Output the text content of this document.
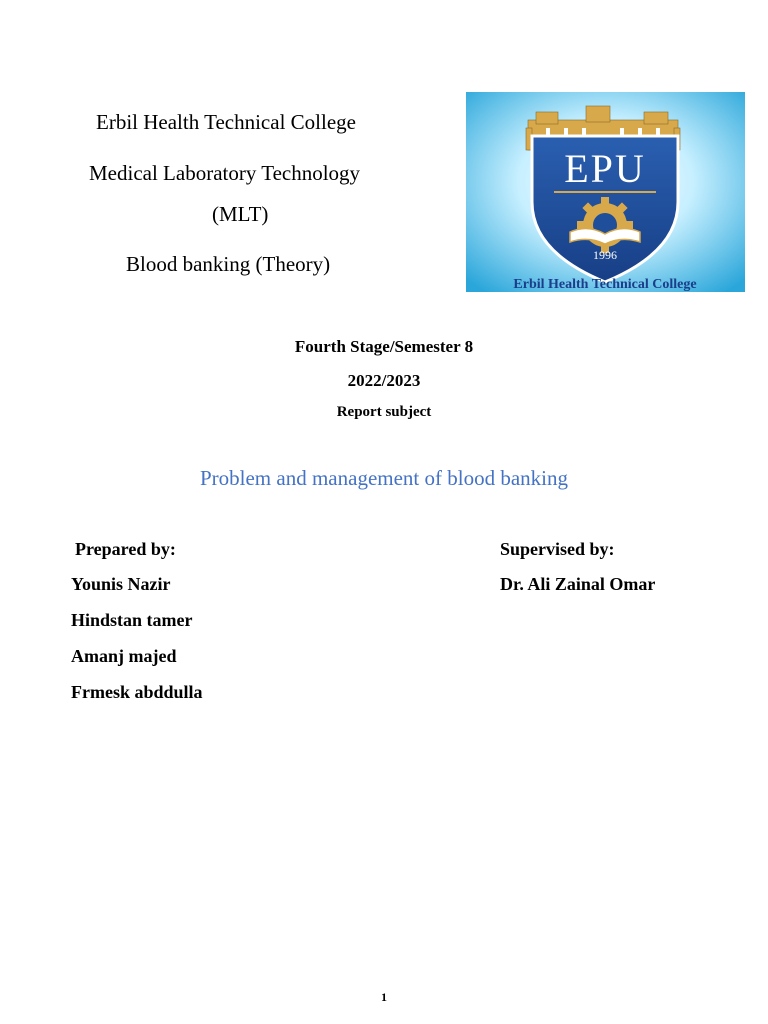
Erbil Health Technical College
Medical Laboratory Technology
(MLT)
Blood banking (Theory)
EPU
1996
Erbil Health Technical College
Fourth Stage/Semester 8
2022/2023
Report subject
Problem and management of blood banking
Prepared by:
Younis Nazir
Hindstan tamer
Amanj majed
Frmesk abddulla
Supervised by:
Dr. Ali Zainal Omar
1
